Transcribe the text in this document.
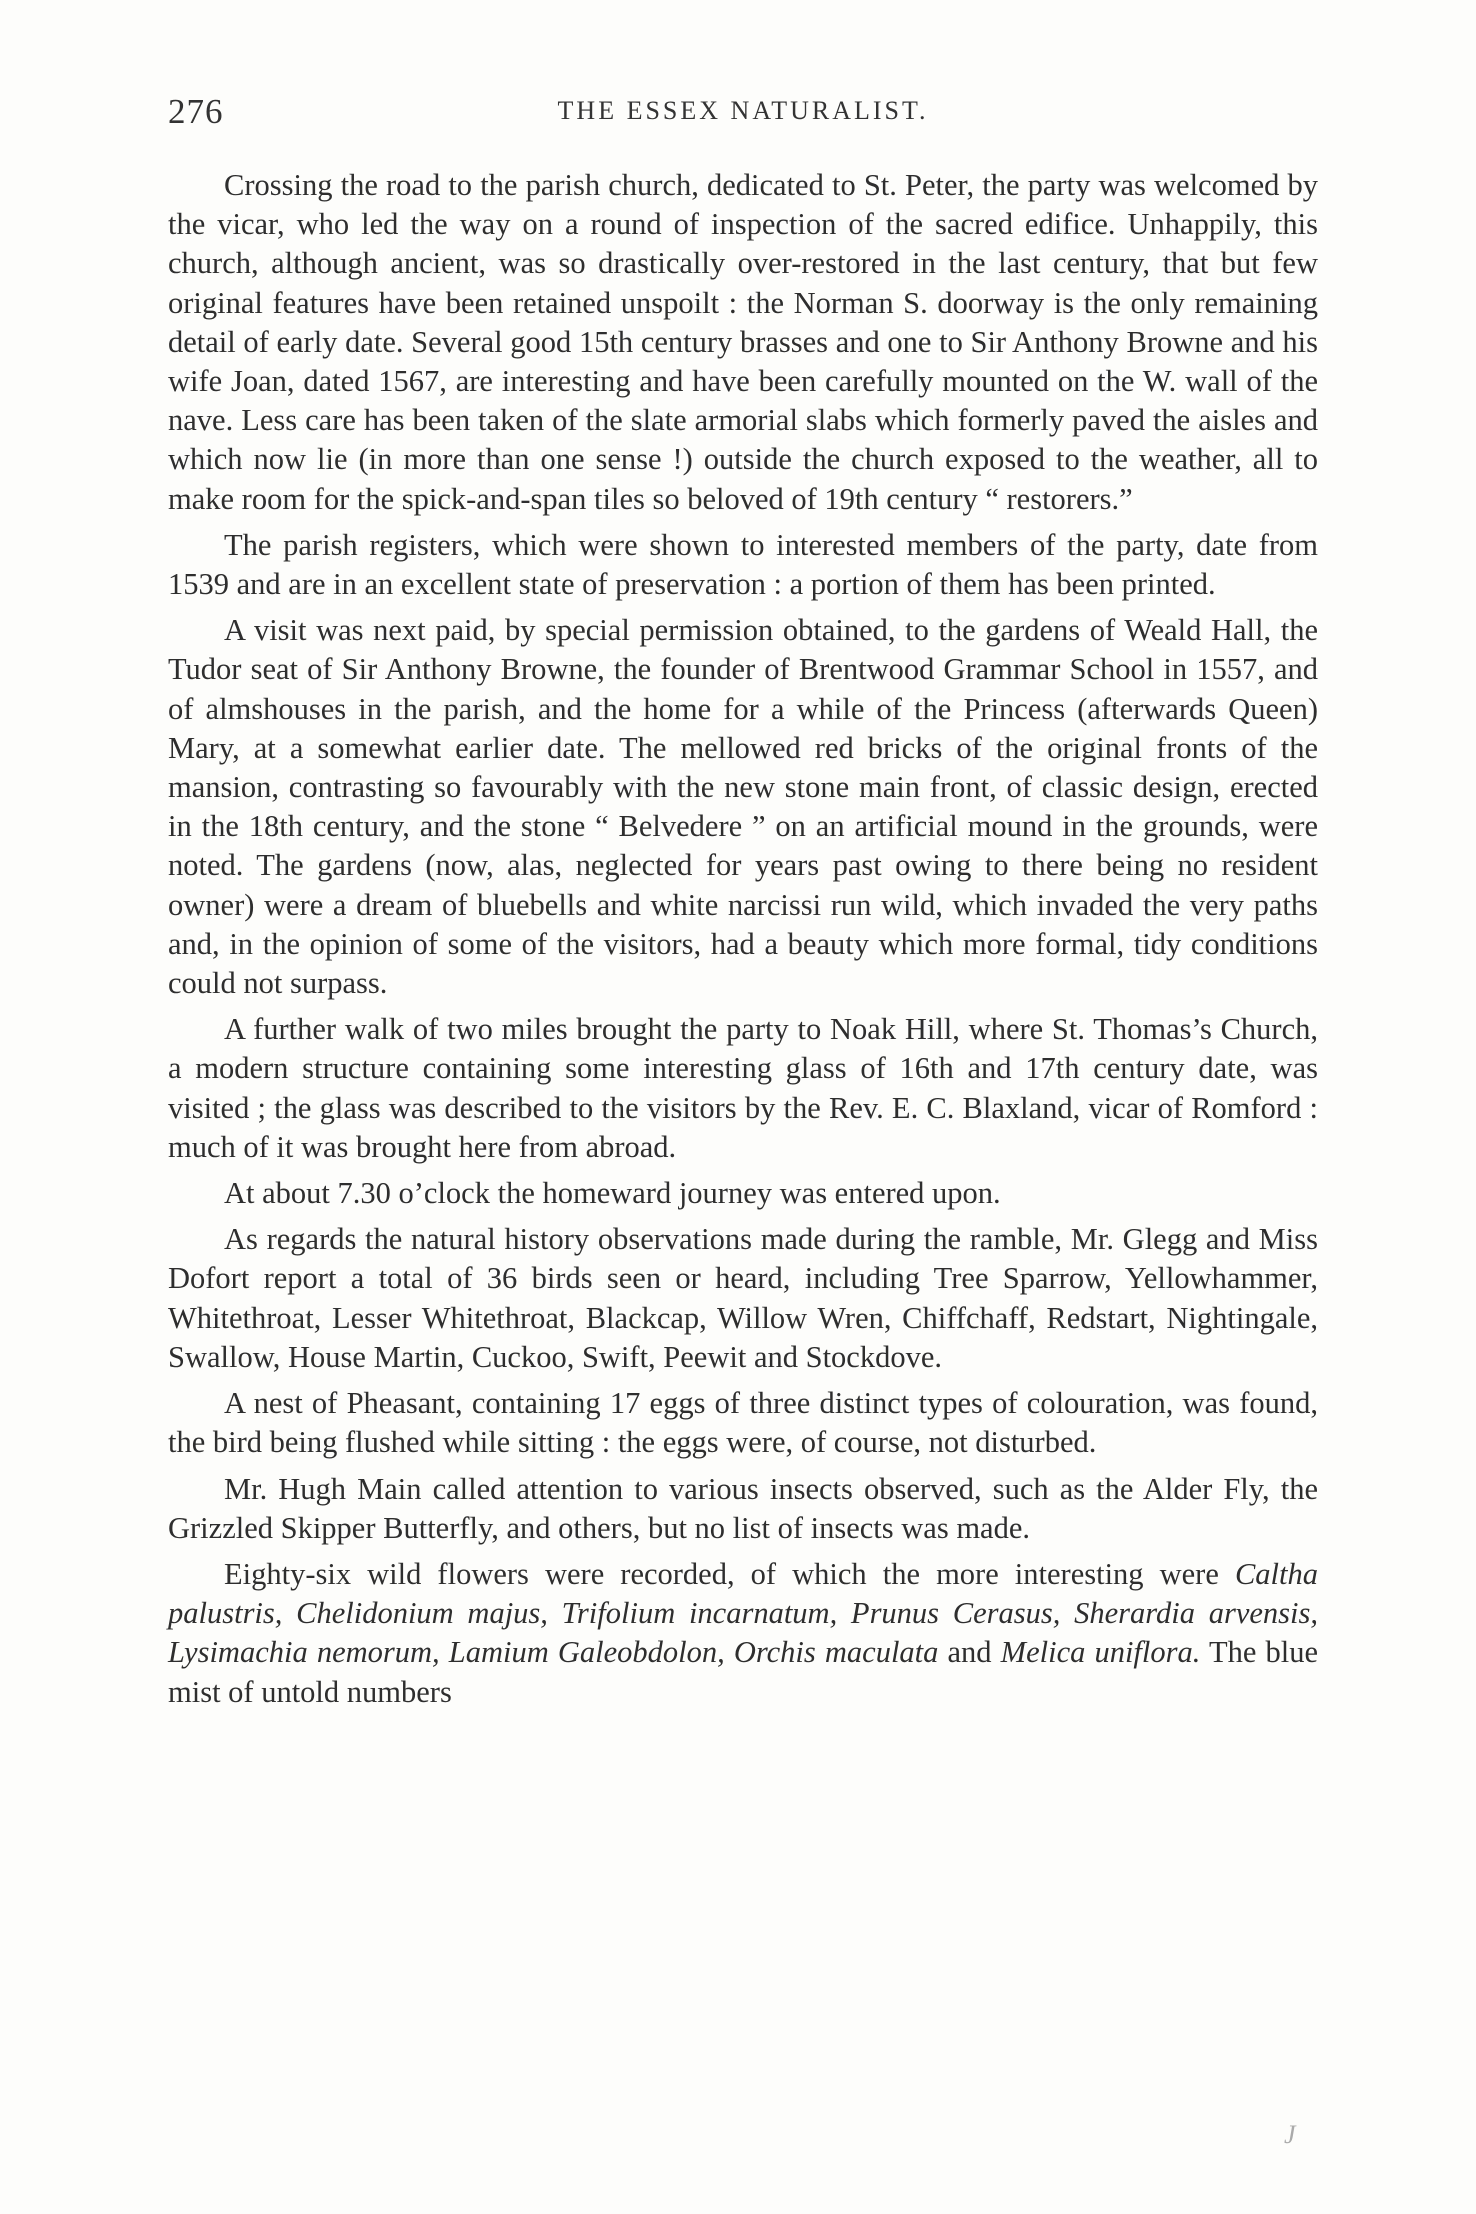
276	THE ESSEX NATURALIST.

Crossing the road to the parish church, dedicated to St. Peter, the party was welcomed by the vicar, who led the way on a round of inspection of the sacred edifice. Unhappily, this church, although ancient, was so drastically over-restored in the last century, that but few original features have been retained unspoilt : the Norman S. doorway is the only remaining detail of early date. Several good 15th century brasses and one to Sir Anthony Browne and his wife Joan, dated 1567, are interesting and have been carefully mounted on the W. wall of the nave. Less care has been taken of the slate armorial slabs which formerly paved the aisles and which now lie (in more than one sense !) outside the church exposed to the weather, all to make room for the spick-and-span tiles so beloved of 19th century “ restorers.”

The parish registers, which were shown to interested members of the party, date from 1539 and are in an excellent state of preservation : a portion of them has been printed.

A visit was next paid, by special permission obtained, to the gardens of Weald Hall, the Tudor seat of Sir Anthony Browne, the founder of Brentwood Grammar School in 1557, and of almshouses in the parish, and the home for a while of the Princess (afterwards Queen) Mary, at a somewhat earlier date. The mellowed red bricks of the original fronts of the mansion, contrasting so favourably with the new stone main front, of classic design, erected in the 18th century, and the stone “ Belvedere ” on an artificial mound in the grounds, were noted. The gardens (now, alas, neglected for years past owing to there being no resident owner) were a dream of bluebells and white narcissi run wild, which invaded the very paths and, in the opinion of some of the visitors, had a beauty which more formal, tidy conditions could not surpass.

A further walk of two miles brought the party to Noak Hill, where St. Thomas’s Church, a modern structure containing some interesting glass of 16th and 17th century date, was visited ; the glass was described to the visitors by the Rev. E. C. Blaxland, vicar of Romford : much of it was brought here from abroad.

At about 7.30 o’clock the homeward journey was entered upon.

As regards the natural history observations made during the ramble, Mr. Glegg and Miss Dofort report a total of 36 birds seen or heard, including Tree Sparrow, Yellowhammer, Whitethroat, Lesser Whitethroat, Blackcap, Willow Wren, Chiffchaff, Redstart, Nightingale, Swallow, House Martin, Cuckoo, Swift, Peewit and Stockdove.

A nest of Pheasant, containing 17 eggs of three distinct types of colouration, was found, the bird being flushed while sitting : the eggs were, of course, not disturbed.

Mr. Hugh Main called attention to various insects observed, such as the Alder Fly, the Grizzled Skipper Butterfly, and others, but no list of insects was made.

Eighty-six wild flowers were recorded, of which the more interesting were Caltha palustris, Chelidonium majus, Trifolium incarnatum, Prunus Cerasus, Sherardia arvensis, Lysimachia nemorum, Lamium Galeobdolon, Orchis maculata and Melica uniflora. The blue mist of untold numbers

J
